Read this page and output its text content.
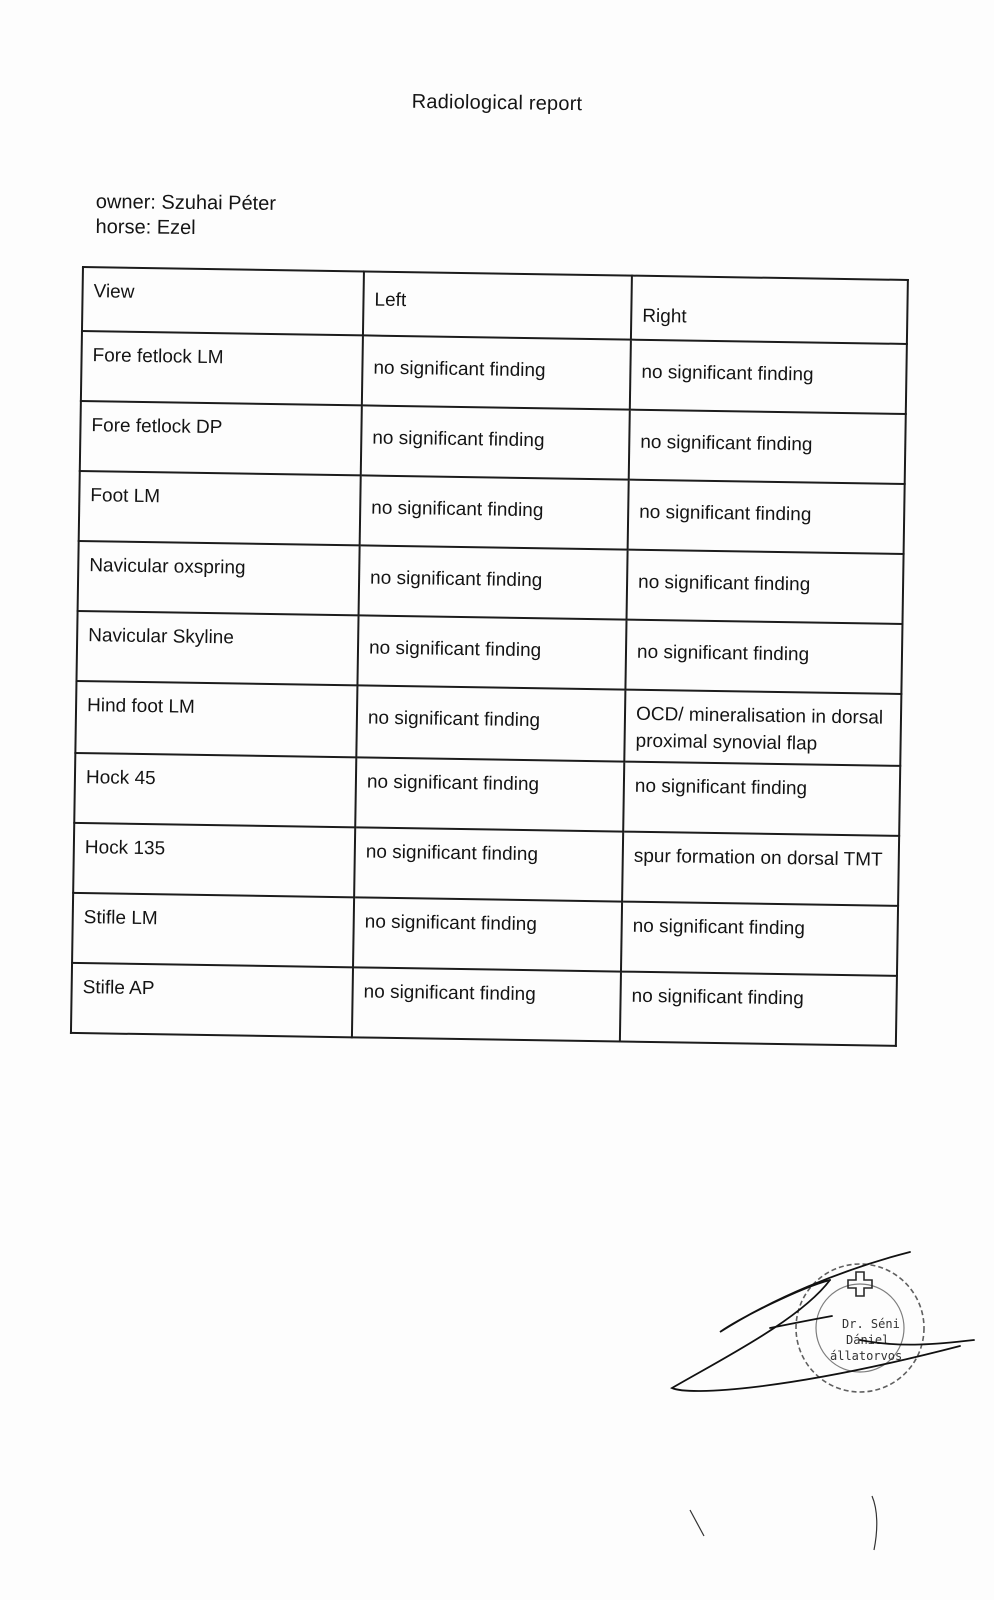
Radiological report
owner: Szuhai Péter
horse: Ezel
View	Left	Right
Fore fetlock LM	no significant finding	no significant finding
Fore fetlock DP	no significant finding	no significant finding
Foot LM	no significant finding	no significant finding
Navicular oxspring	no significant finding	no significant finding
Navicular Skyline	no significant finding	no significant finding
Hind foot LM	no significant finding	OCD/ mineralisation in dorsal proximal synovial flap
Hock 45	no significant finding	no significant finding
Hock 135	no significant finding	spur formation on dorsal TMT
Stifle LM	no significant finding	no significant finding
Stifle AP	no significant finding	no significant finding
Dr. Séni
Dániel
állatorvos
